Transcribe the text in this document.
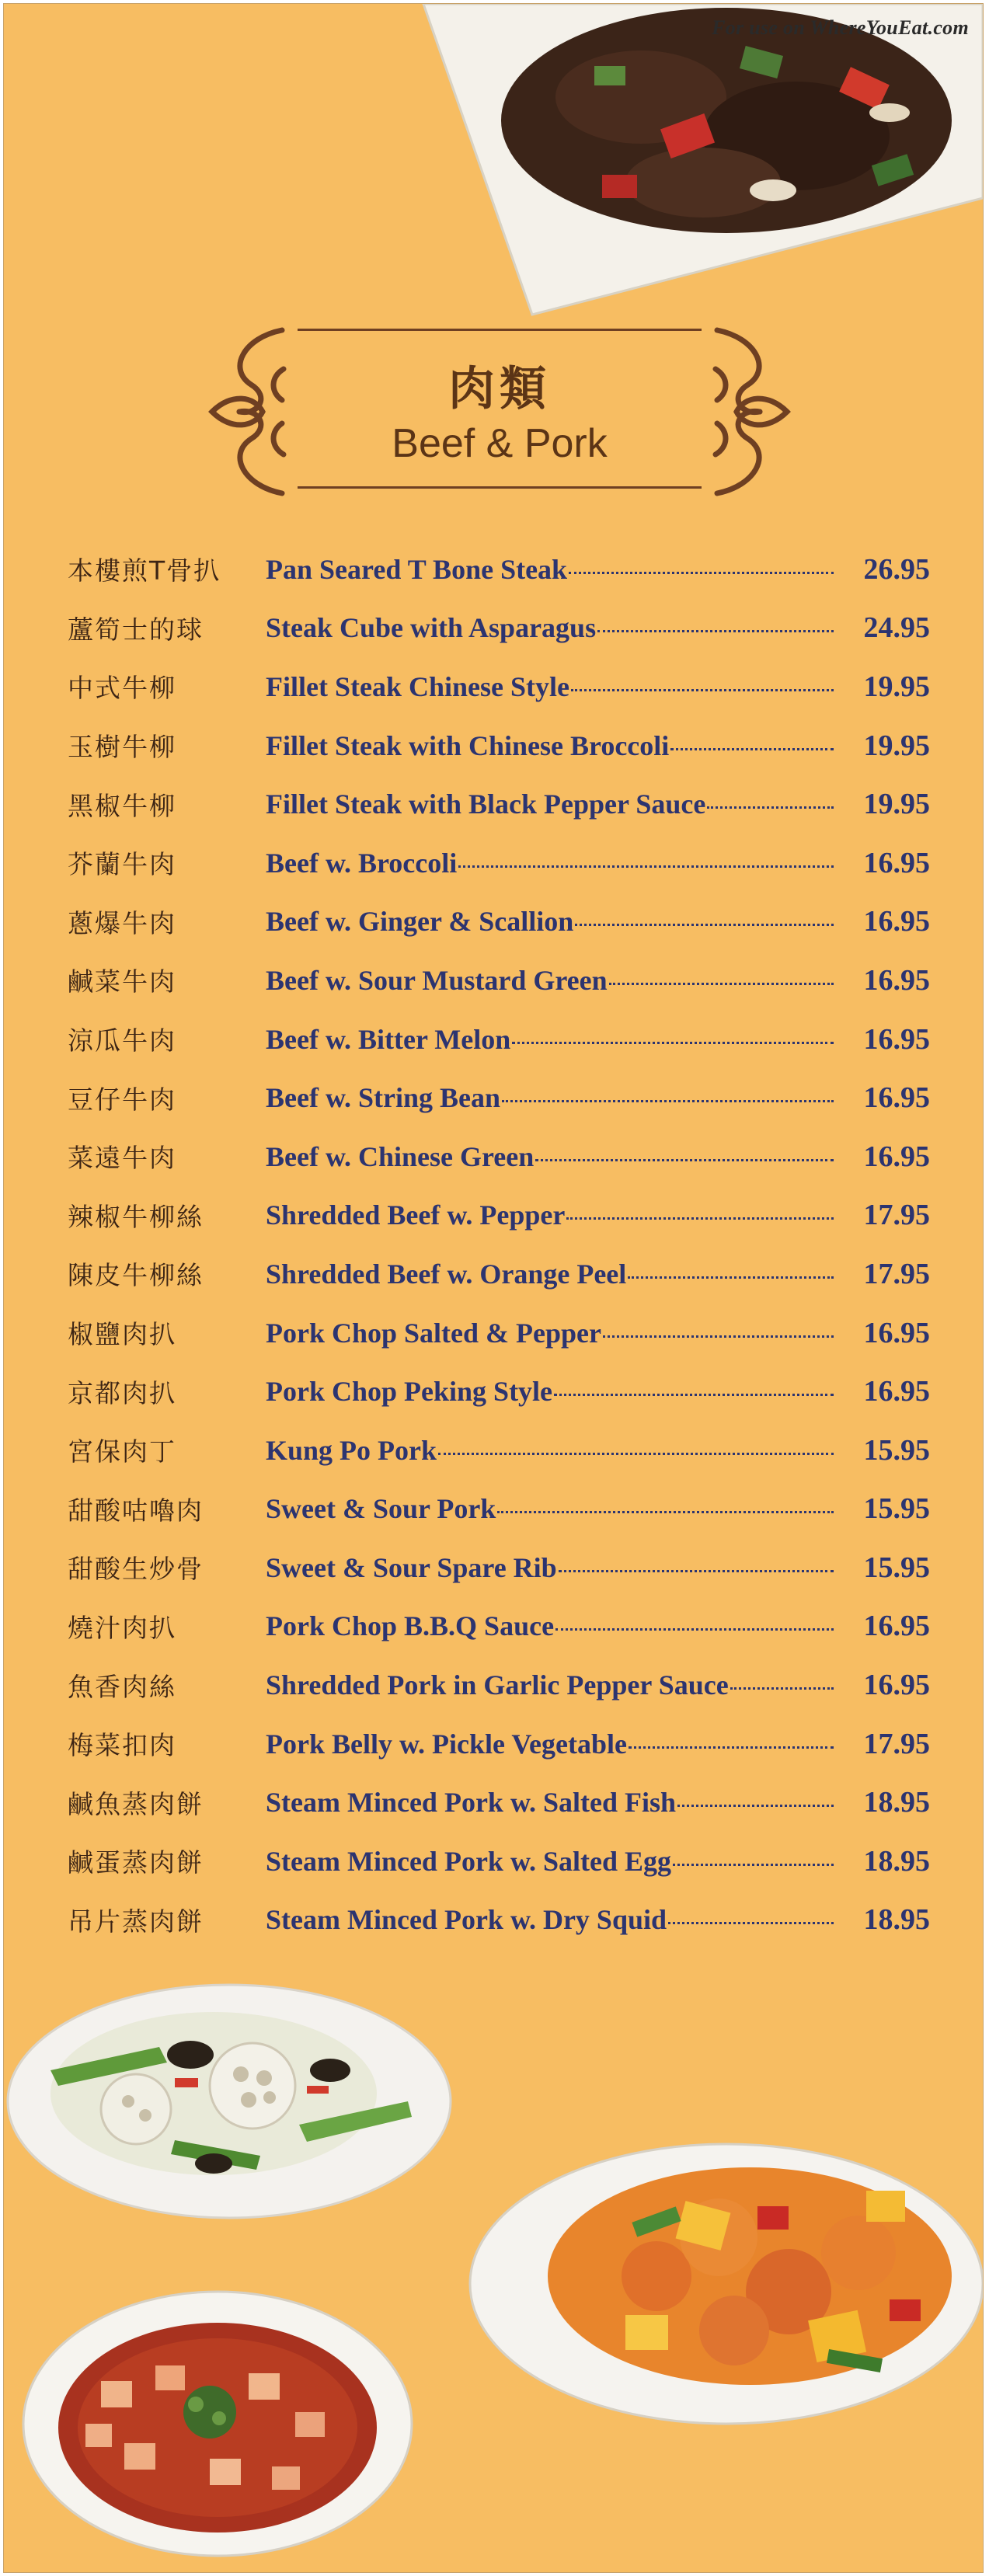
For use on WhereYouEat.com
肉類
Beef & Pork
本樓煎T骨扒	Pan Seared T Bone Steak	26.95
蘆筍士的球	Steak Cube with Asparagus	24.95
中式牛柳	Fillet Steak Chinese Style	19.95
玉樹牛柳	Fillet Steak with Chinese Broccoli	19.95
黑椒牛柳	Fillet Steak with Black Pepper Sauce	19.95
芥蘭牛肉	Beef w. Broccoli	16.95
蔥爆牛肉	Beef w. Ginger & Scallion	16.95
鹹菜牛肉	Beef w. Sour Mustard Green	16.95
涼瓜牛肉	Beef w. Bitter Melon	16.95
豆仔牛肉	Beef w. String Bean	16.95
菜遠牛肉	Beef w. Chinese Green	16.95
辣椒牛柳絲	Shredded Beef w. Pepper	17.95
陳皮牛柳絲	Shredded Beef w. Orange Peel	17.95
椒鹽肉扒	Pork Chop Salted & Pepper	16.95
京都肉扒	Pork Chop Peking Style	16.95
宮保肉丁	Kung Po Pork	15.95
甜酸咕嚕肉	Sweet & Sour Pork	15.95
甜酸生炒骨	Sweet & Sour Spare Rib	15.95
燒汁肉扒	Pork Chop B.B.Q Sauce	16.95
魚香肉絲	Shredded Pork in Garlic Pepper Sauce	16.95
梅菜扣肉	Pork Belly w. Pickle Vegetable	17.95
鹹魚蒸肉餅	Steam Minced Pork w. Salted Fish	18.95
鹹蛋蒸肉餅	Steam Minced Pork w. Salted Egg	18.95
吊片蒸肉餅	Steam Minced Pork w. Dry Squid	18.95
